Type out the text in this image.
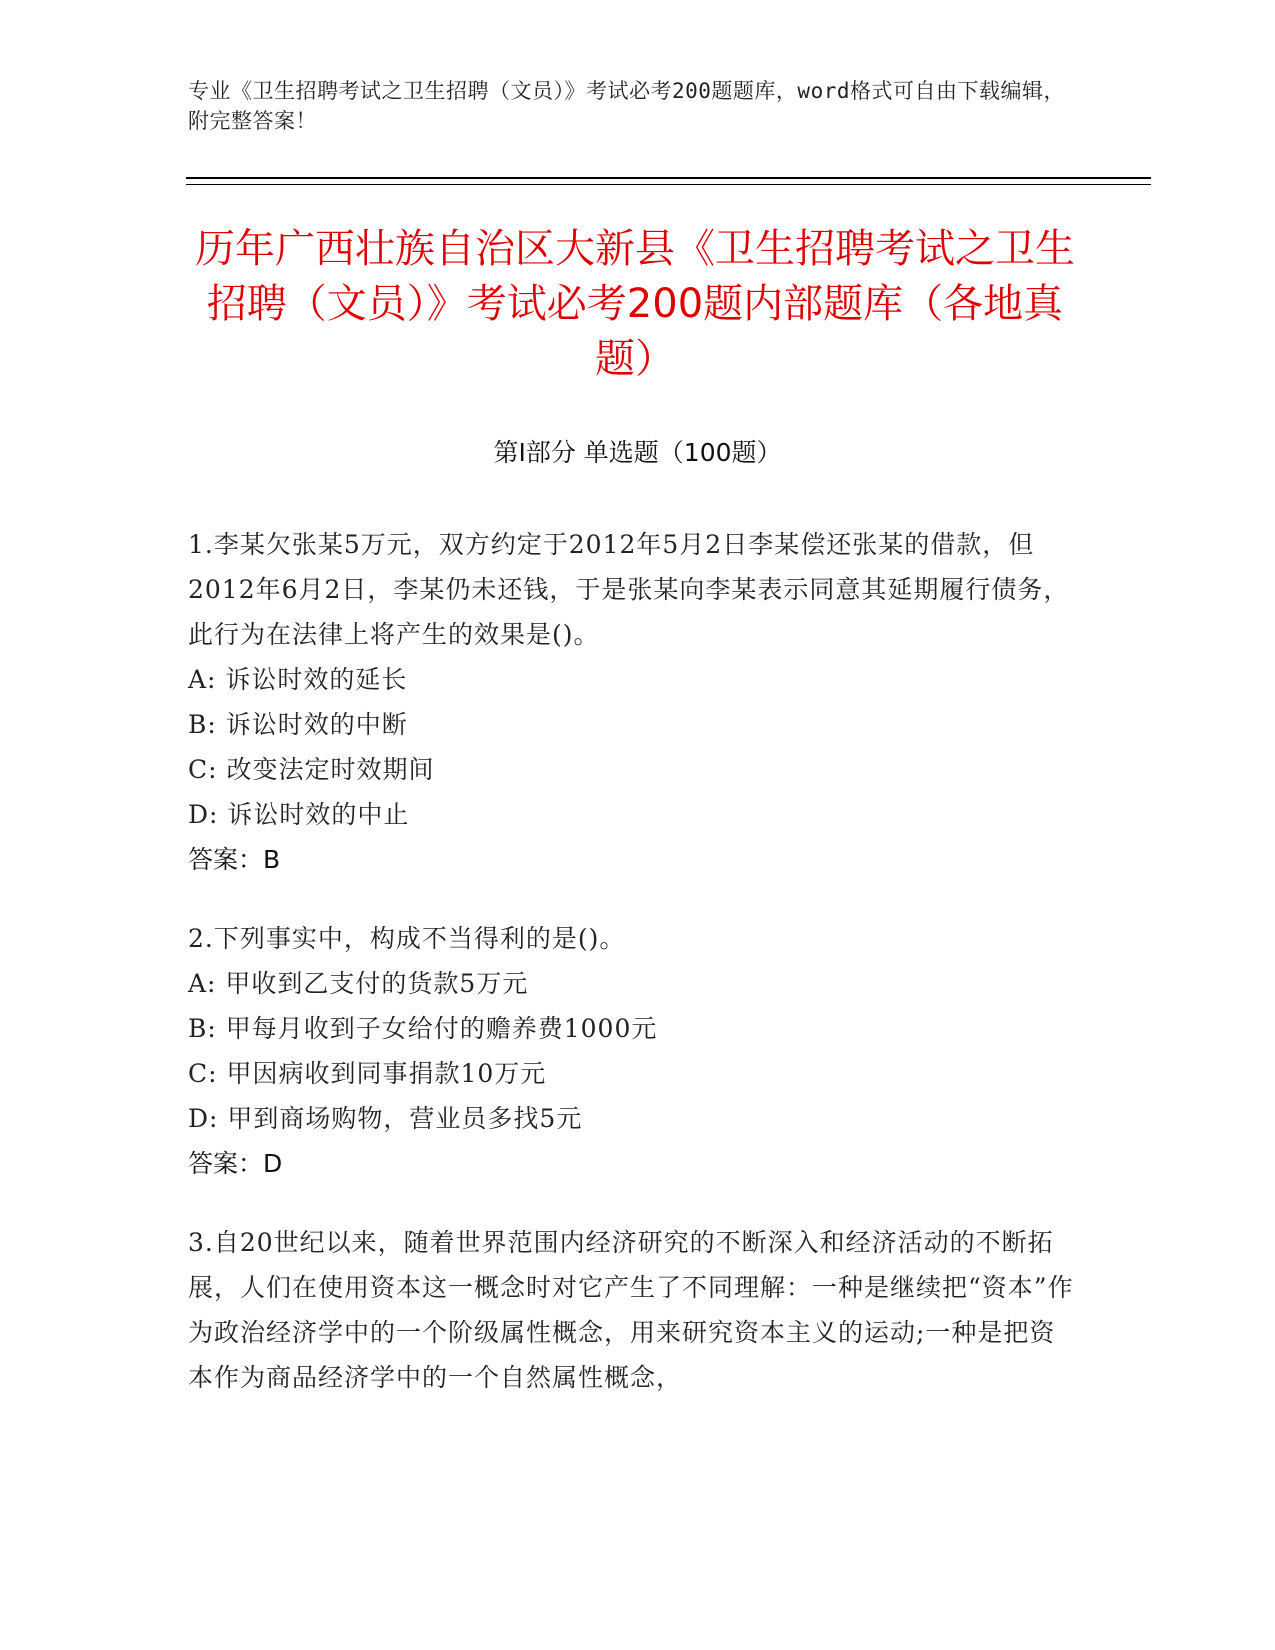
专业《卫生招聘考试之卫生招聘（文员）》考试必考200题题库，word格式可自由下载编辑，附完整答案！
历年广西壮族自治区大新县《卫生招聘考试之卫生招聘（文员）》考试必考200题内部题库（各地真题）
第I部分 单选题（100题）
1.李某欠张某5万元，双方约定于2012年5月2日李某偿还张某的借款，但2012年6月2日，李某仍未还钱，于是张某向李某表示同意其延期履行债务，此行为在法律上将产生的效果是()。
A: 诉讼时效的延长
B: 诉讼时效的中断
C: 改变法定时效期间
D: 诉讼时效的中止
答案：B
2.下列事实中，构成不当得利的是()。
A: 甲收到乙支付的货款5万元
B: 甲每月收到子女给付的赡养费1000元
C: 甲因病收到同事捐款10万元
D: 甲到商场购物，营业员多找5元
答案：D
3.自20世纪以来，随着世界范围内经济研究的不断深入和经济活动的不断拓展，人们在使用资本这一概念时对它产生了不同理解：一种是继续把“资本”作为政治经济学中的一个阶级属性概念，用来研究资本主义的运动;一种是把资本作为商品经济学中的一个自然属性概念，
